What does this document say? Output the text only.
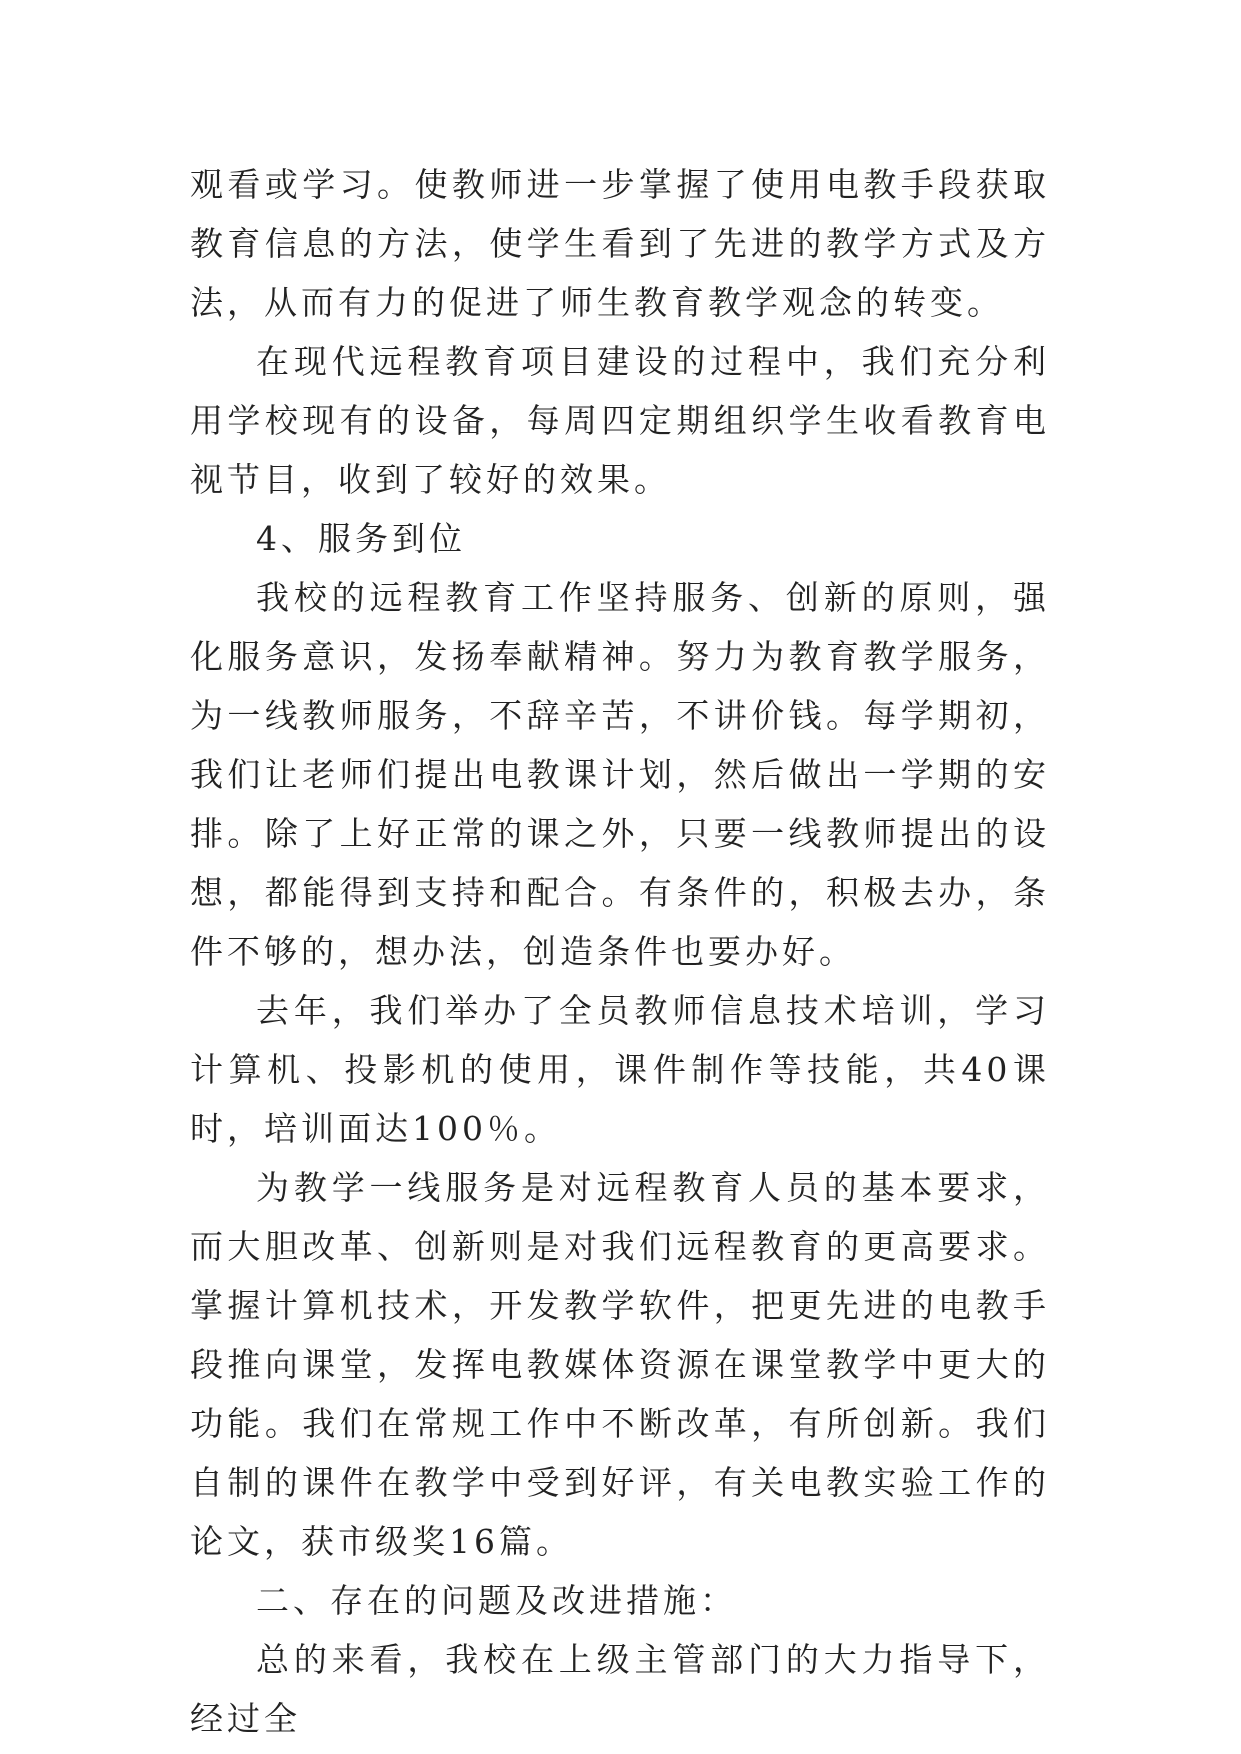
观看或学习。使教师进一步掌握了使用电教手段获取教育信息的方法，使学生看到了先进的教学方式及方法，从而有力的促进了师生教育教学观念的转变。

在现代远程教育项目建设的过程中，我们充分利用学校现有的设备，每周四定期组织学生收看教育电视节目，收到了较好的效果。

4、服务到位

我校的远程教育工作坚持服务、创新的原则，强化服务意识，发扬奉献精神。努力为教育教学服务，为一线教师服务，不辞辛苦，不讲价钱。每学期初，我们让老师们提出电教课计划，然后做出一学期的安排。除了上好正常的课之外，只要一线教师提出的设想，都能得到支持和配合。有条件的，积极去办，条件不够的，想办法，创造条件也要办好。

去年，我们举办了全员教师信息技术培训，学习计算机、投影机的使用，课件制作等技能，共40课时，培训面达100％。

为教学一线服务是对远程教育人员的基本要求，而大胆改革、创新则是对我们远程教育的更高要求。掌握计算机技术，开发教学软件，把更先进的电教手段推向课堂，发挥电教媒体资源在课堂教学中更大的功能。我们在常规工作中不断改革，有所创新。我们自制的课件在教学中受到好评，有关电教实验工作的论文，获市级奖16篇。

二、存在的问题及改进措施：

总的来看，我校在上级主管部门的大力指导下，经过全
